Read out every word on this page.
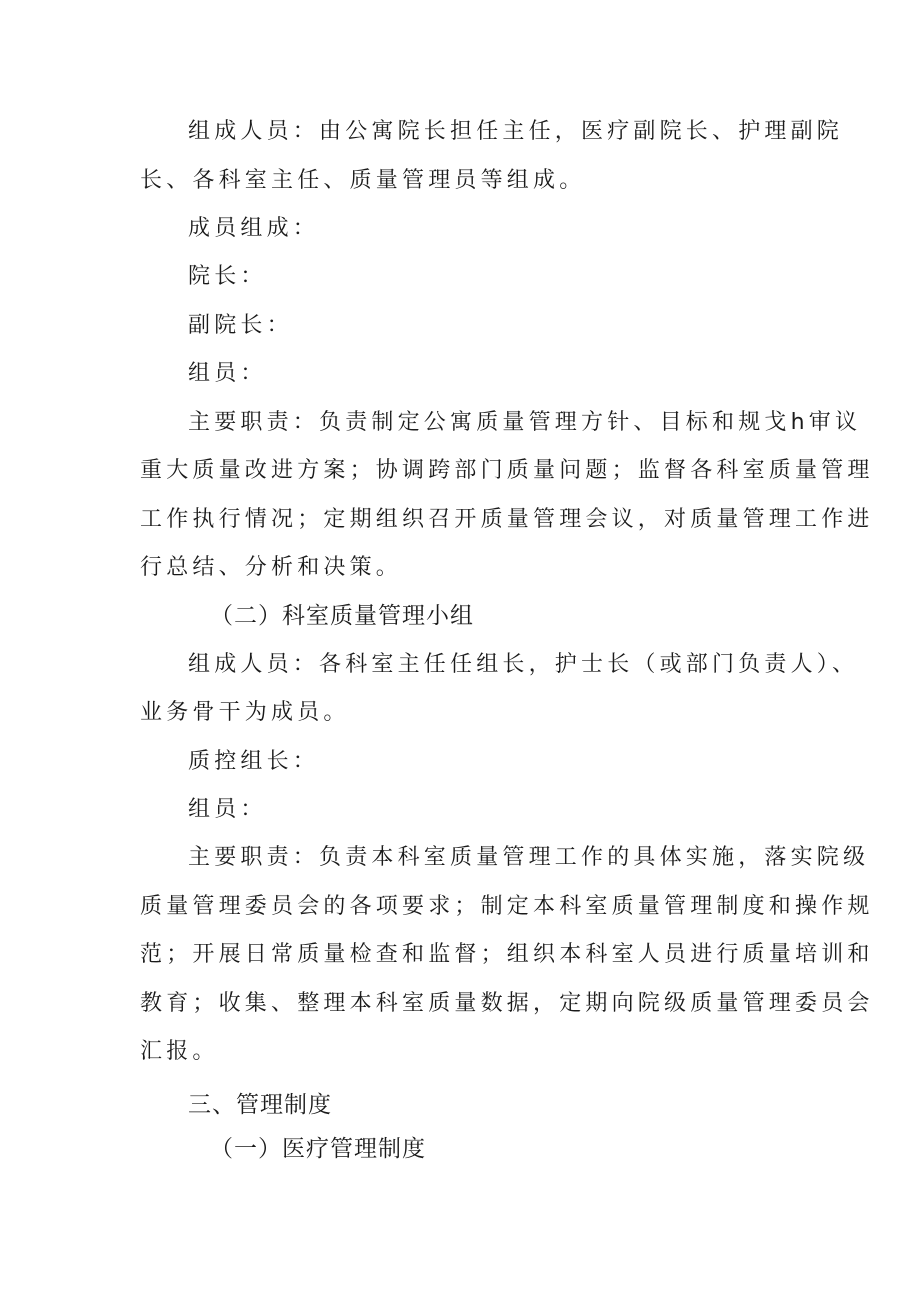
组成人员：由公寓院长担任主任，医疗副院长、护理副院
长、各科室主任、质量管理员等组成。
成员组成：
院长：
副院长：
组员：
主要职责：负责制定公寓质量管理方针、目标和规戈h审议
重大质量改进方案；协调跨部门质量问题；监督各科室质量管理
工作执行情况；定期组织召开质量管理会议，对质量管理工作进
行总结、分析和决策。
（二）科室质量管理小组
组成人员：各科室主任任组长，护士长（或部门负责人）、
业务骨干为成员。
质控组长：
组员：
主要职责：负责本科室质量管理工作的具体实施，落实院级
质量管理委员会的各项要求；制定本科室质量管理制度和操作规
范；开展日常质量检查和监督；组织本科室人员进行质量培训和
教育；收集、整理本科室质量数据，定期向院级质量管理委员会
汇报。
三、管理制度
（一）医疗管理制度
